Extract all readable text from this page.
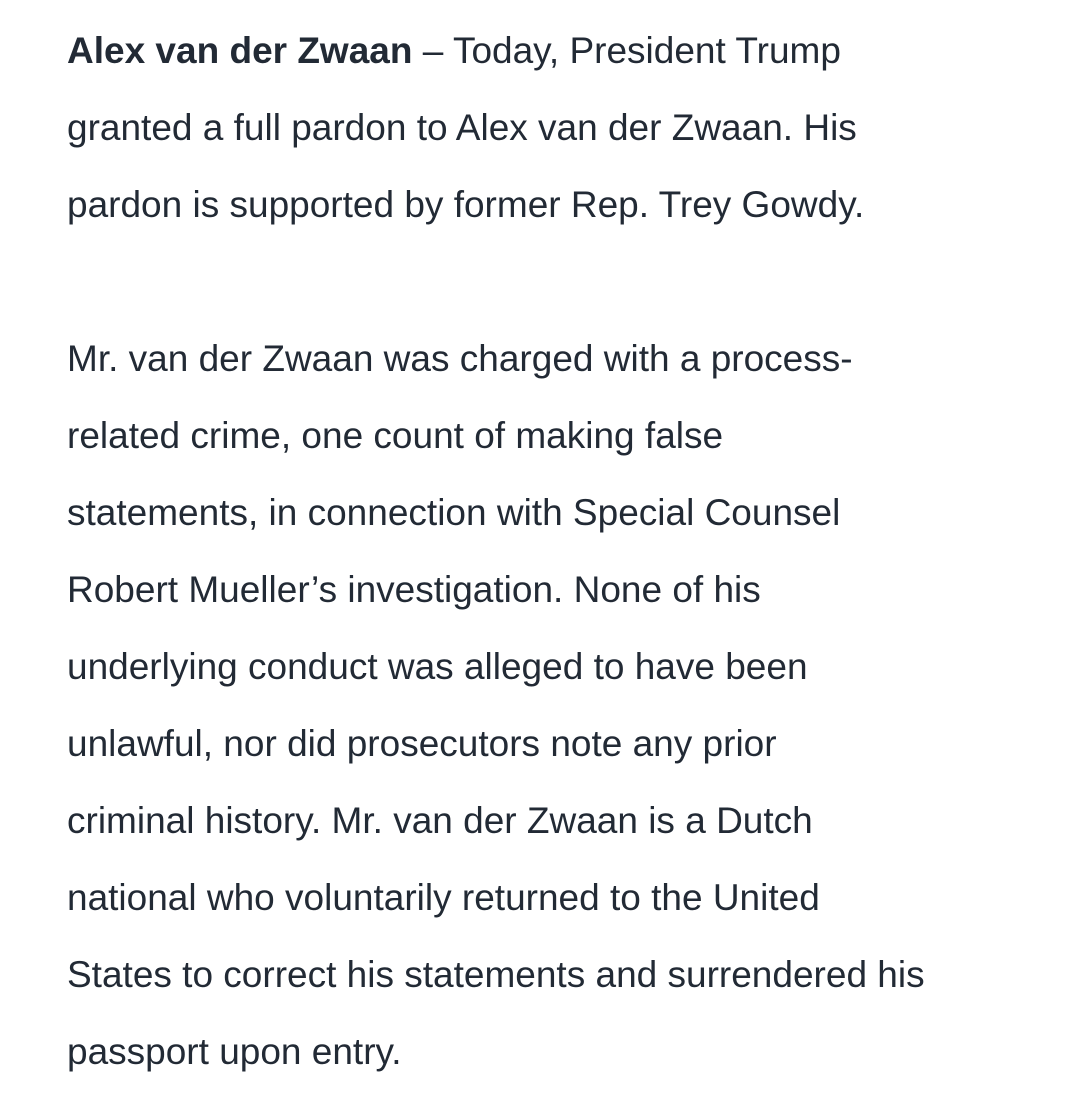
Alex van der Zwaan – Today, President Trump
granted a full pardon to Alex van der Zwaan. His
pardon is supported by former Rep. Trey Gowdy.

Mr. van der Zwaan was charged with a process-
related crime, one count of making false
statements, in connection with Special Counsel
Robert Mueller’s investigation. None of his
underlying conduct was alleged to have been
unlawful, nor did prosecutors note any prior
criminal history. Mr. van der Zwaan is a Dutch
national who voluntarily returned to the United
States to correct his statements and surrendered his
passport upon entry.
